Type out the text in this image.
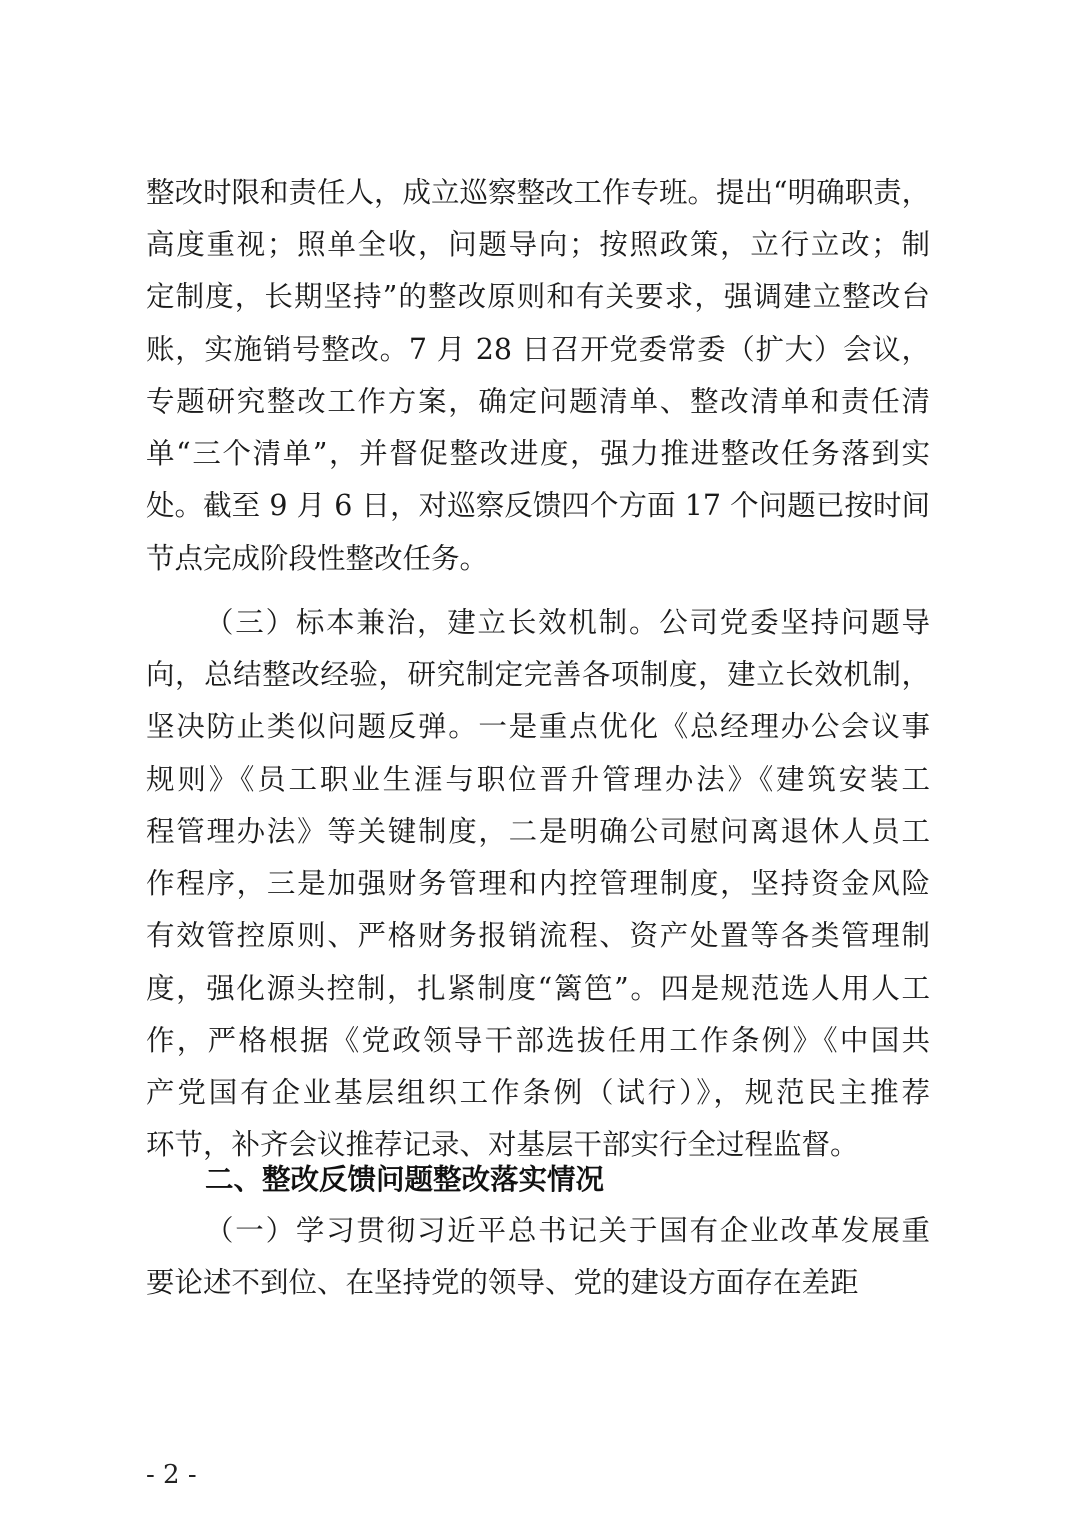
整改时限和责任人，成立巡察整改工作专班。提出“明确职责，
高度重视；照单全收，问题导向；按照政策，立行立改；制
定制度，长期坚持”的整改原则和有关要求，强调建立整改台
账，实施销号整改。7 月 28 日召开党委常委（扩大）会议，
专题研究整改工作方案，确定问题清单、整改清单和责任清
单“三个清单”，并督促整改进度，强力推进整改任务落到实
处。截至 9 月 6 日，对巡察反馈四个方面 17 个问题已按时间
节点完成阶段性整改任务。
（三）标本兼治，建立长效机制。公司党委坚持问题导
向，总结整改经验，研究制定完善各项制度，建立长效机制，
坚决防止类似问题反弹。一是重点优化《总经理办公会议事
规则》《员工职业生涯与职位晋升管理办法》《建筑安装工
程管理办法》等关键制度，二是明确公司慰问离退休人员工
作程序，三是加强财务管理和内控管理制度，坚持资金风险
有效管控原则、严格财务报销流程、资产处置等各类管理制
度，强化源头控制，扎紧制度“篱笆”。四是规范选人用人工
作，严格根据《党政领导干部选拔任用工作条例》《中国共
产党国有企业基层组织工作条例（试行）》，规范民主推荐
环节，补齐会议推荐记录、对基层干部实行全过程监督。
二、整改反馈问题整改落实情况
（一）学习贯彻习近平总书记关于国有企业改革发展重
要论述不到位、在坚持党的领导、党的建设方面存在差距
- 2 -
